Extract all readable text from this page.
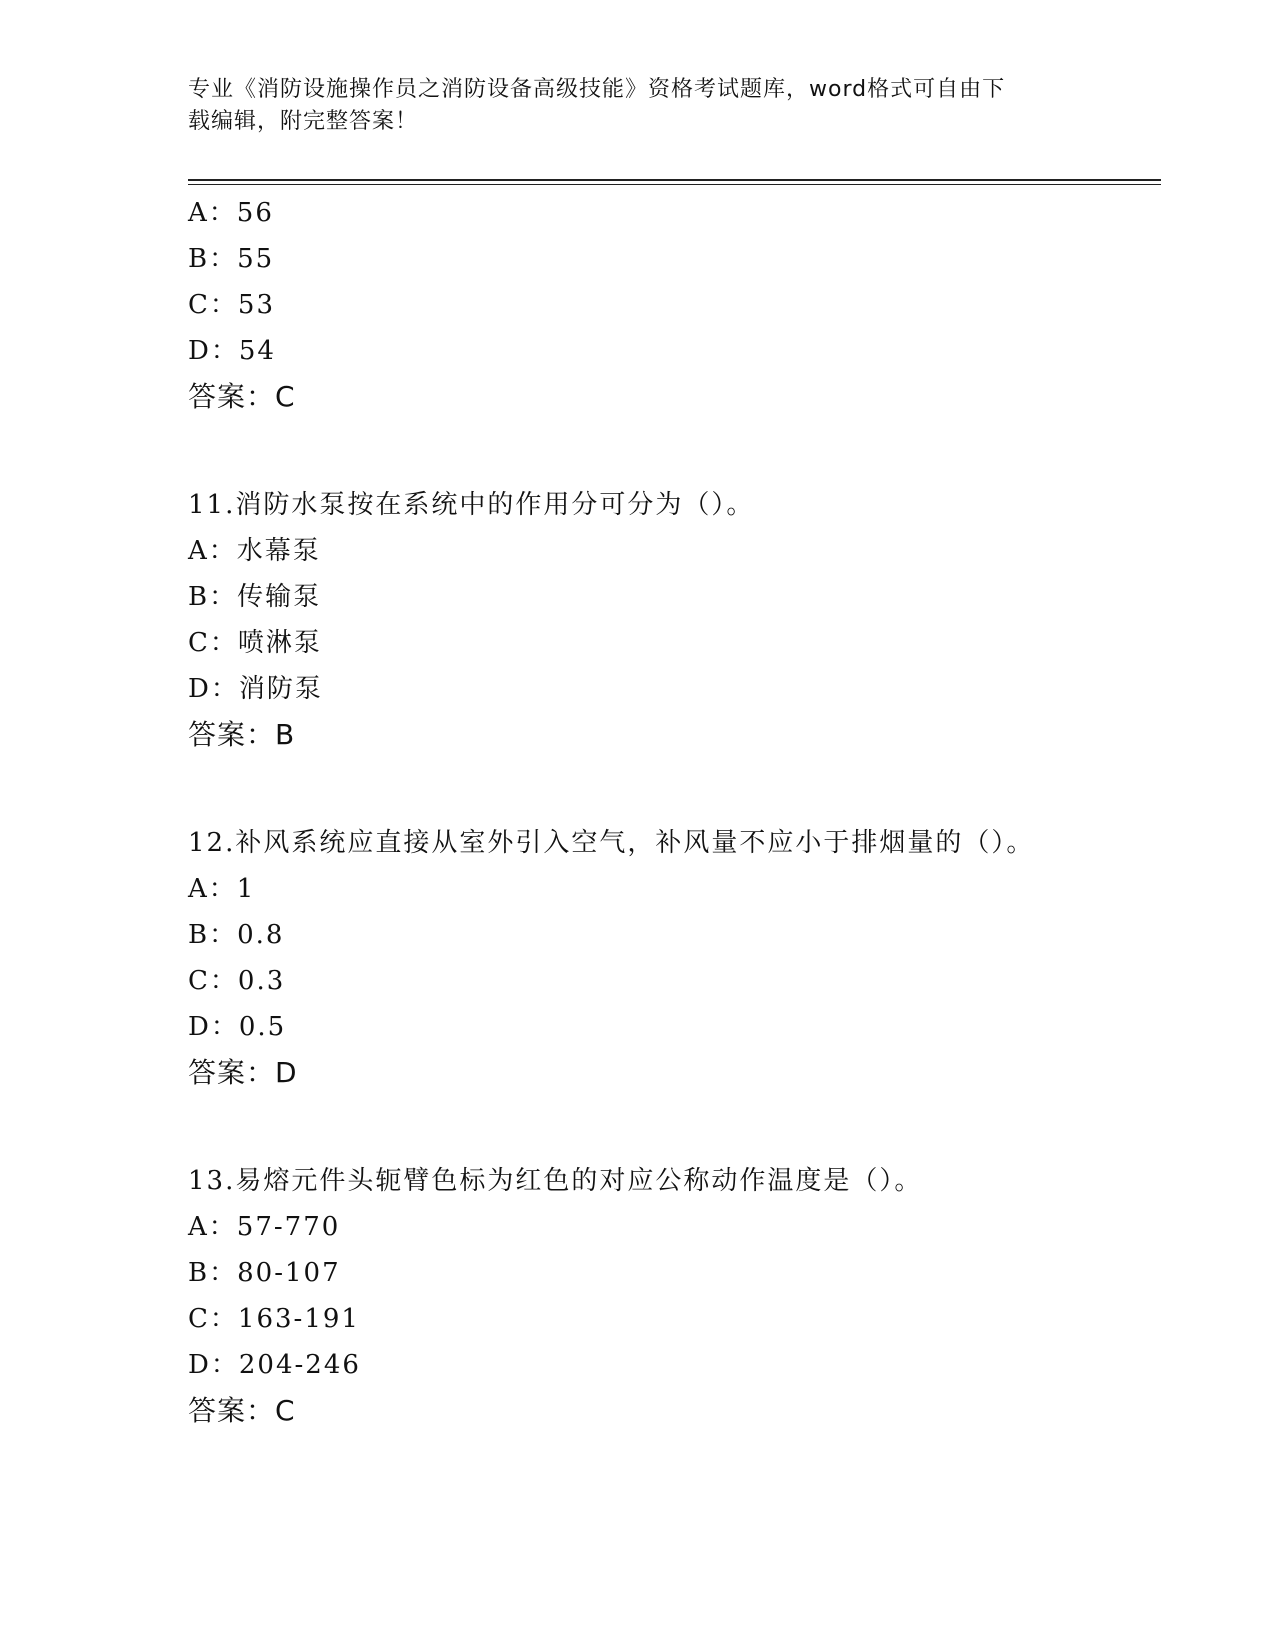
专业《消防设施操作员之消防设备高级技能》资格考试题库，word格式可自由下
载编辑，附完整答案！
A：56
B：55
C：53
D：54
答案：C
11.消防水泵按在系统中的作用分可分为（）。
A：水幕泵
B：传输泵
C：喷淋泵
D：消防泵
答案：B
12.补风系统应直接从室外引入空气，补风量不应小于排烟量的（）。
A：1
B：0.8
C：0.3
D：0.5
答案：D
13.易熔元件头轭臂色标为红色的对应公称动作温度是（）。
A：57-770
B：80-107
C：163-191
D：204-246
答案：C
